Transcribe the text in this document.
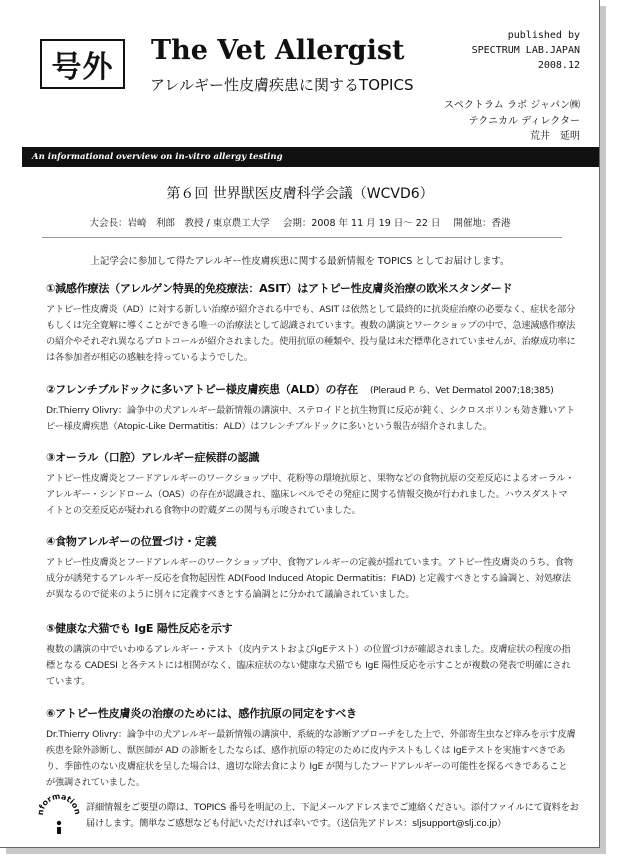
号外	The Vet Allergist
アレルギー性皮膚疾患に関するTOPICS
published by
SPECTRUM LAB.JAPAN
2008.12
スペクトラム ラボ ジャパン㈱
テクニカル ディレクター
荒井　延明
An informational overview on in-vitro allergy testing
第６回 世界獣医皮膚科学会議（WCVD6）
大会長：岩崎　利郎　教授 / 東京農工大学 会期：2008 年 11 月 19 日〜 22 日 開催地：香港
上記学会に参加して得たアレルギー性皮膚疾患に関する最新情報を TOPICS としてお届けします。
①減感作療法（アレルゲン特異的免疫療法：ASIT）はアトピー性皮膚炎治療の欧米スタンダード
アトピー性皮膚炎（AD）に対する新しい治療が紹介される中でも、ASIT は依然として最終的に抗炎症治療の必要なく、症状を部分もしくは完全寛解に導くことができる唯一の治療法として認識されています。複数の講演とワークショップの中で、急速減感作療法の紹介やそれぞれ異なるプロトコールが紹介されました。使用抗原の種類や、投与量は未だ標準化されていませんが、治療成功率には各参加者が相応の感触を持っているようでした。
②フレンチブルドックに多いアトピー様皮膚疾患（ALD）の存在 (Pleraud P. ら、Vet Dermatol 2007;18;385)
Dr.Thierry Olivry：論争中の犬アレルギー最新情報の講演中、ステロイドと抗生物質に反応が鈍く、シクロスポリンも効き難いアトピー様皮膚疾患（Atopic-Like Dermatitis：ALD）はフレンチブルドックに多いという報告が紹介されました。
③オーラル（口腔）アレルギー症候群の認識
アトピー性皮膚炎とフードアレルギーのワークショップ中、花粉等の環境抗原と、果物などの食物抗原の交差反応によるオーラル・アレルギー・シンドローム（OAS）の存在が認識され、臨床レベルでその発症に関する情報交換が行われました。ハウスダストマイトとの交差反応が疑われる食物中の貯蔵ダニの関与も示唆されていました。
④食物アレルギーの位置づけ・定義
アトピー性皮膚炎とフードアレルギーのワークショップ中、食物アレルギーの定義が揺れています。アトピー性皮膚炎のうち、食物成分が誘発するアレルギー反応を食物起因性 AD(Food Induced Atopic Dermatitis：FIAD) と定義すべきとする論調と、対処療法が異なるので従来のように別々に定義すべきとする論調とに分かれて議論されていました。
⑤健康な犬猫でも IgE 陽性反応を示す
複数の講演の中でいわゆるアレルギー・テスト（皮内テストおよびIgEテスト）の位置づけが確認されました。皮膚症状の程度の指標となる CADESI と各テストには相関がなく、臨床症状のない健康な犬猫でも IgE 陽性反応を示すことが複数の発表で明確にされています。
⑥アトピー性皮膚炎の治療のためには、感作抗原の同定をすべき
Dr.Thierry Olivry：論争中の犬アレルギー最新情報の講演中、系統的な診断アプローチをした上で、外部寄生虫など痒みを示す皮膚疾患を除外診断し、獣医師が AD の診断をしたならば、感作抗原の特定のために皮内テストもしくは IgEテストを実施すべきであり、季節性のない皮膚症状を呈した場合は、適切な除去食により IgE が関与したフードアレルギーの可能性を探るべきであることが強調されていました。
nformation 詳細情報をご要望の際は、TOPICS 番号を明記の上、下記メールアドレスまでご連絡ください。添付ファイルにて資料をお届けします。簡単なご感想なども付記いただければ幸いです。（送信先アドレス：sljsupport@slj.co.jp）
